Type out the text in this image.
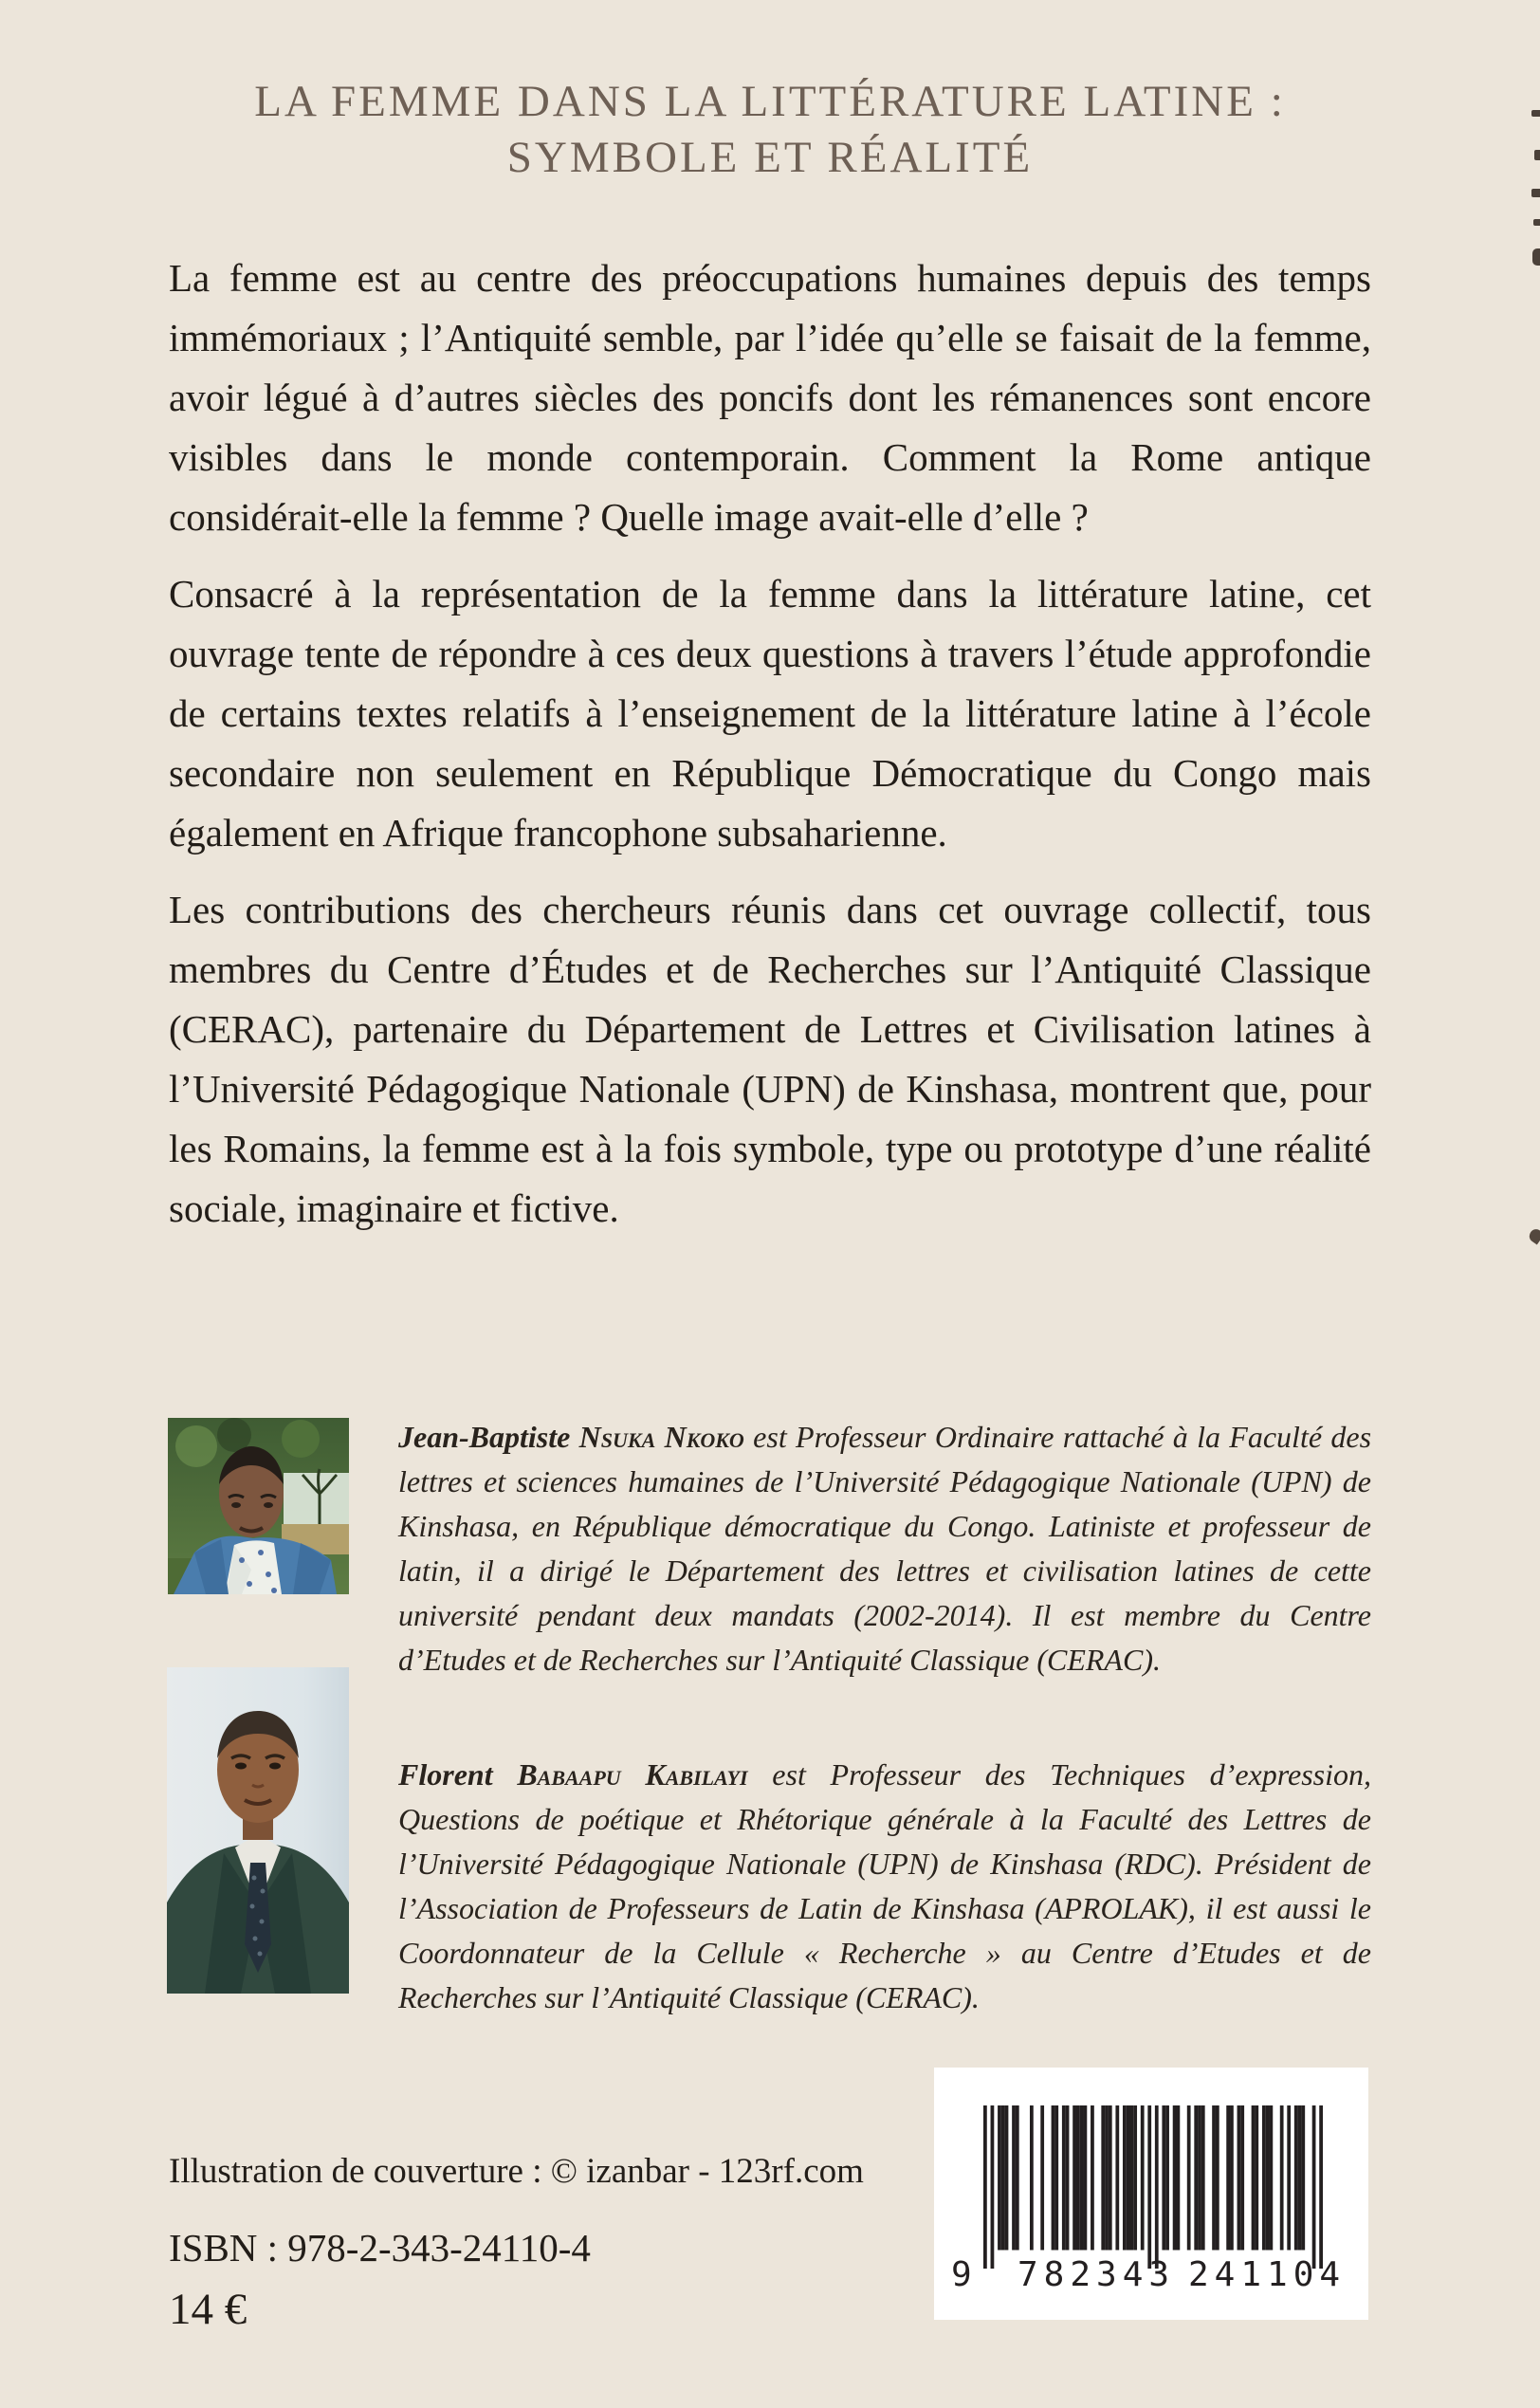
LA FEMME DANS LA LITTÉRATURE LATINE :
SYMBOLE ET RÉALITÉ

La femme est au centre des préoccupations humaines depuis des temps immémoriaux ; l’Antiquité semble, par l’idée qu’elle se faisait de la femme, avoir légué à d’autres siècles des poncifs dont les rémanences sont encore visibles dans le monde contemporain. Comment la Rome antique considérait-elle la femme ? Quelle image avait-elle d’elle ?

Consacré à la représentation de la femme dans la littérature latine, cet ouvrage tente de répondre à ces deux questions à travers l’étude approfondie de certains textes relatifs à l’enseignement de la littérature latine à l’école secondaire non seulement en République Démocratique du Congo mais également en Afrique francophone subsaharienne.

Les contributions des chercheurs réunis dans cet ouvrage collectif, tous membres du Centre d’Études et de Recherches sur l’Antiquité Classique (CERAC), partenaire du Département de Lettres et Civilisation latines à l’Université Pédagogique Nationale (UPN) de Kinshasa, montrent que, pour les Romains, la femme est à la fois symbole, type ou prototype d’une réalité sociale, imaginaire et fictive.

Jean-Baptiste Nsuka Nkoko est Professeur Ordinaire rattaché à la Faculté des lettres et sciences humaines de l’Université Pédagogique Nationale (UPN) de Kinshasa, en République démocratique du Congo. Latiniste et professeur de latin, il a dirigé le Département des lettres et civilisation latines de cette université pendant deux mandats (2002-2014). Il est membre du Centre d’Etudes et de Recherches sur l’Antiquité Classique (CERAC).

Florent Babaapu Kabilayi est Professeur des Techniques d’expression, Questions de poétique et Rhétorique générale à la Faculté des Lettres de l’Université Pédagogique Nationale (UPN) de Kinshasa (RDC). Président de l’Association de Professeurs de Latin de Kinshasa (APROLAK), il est aussi le Coordonnateur de la Cellule « Recherche » au Centre d’Etudes et de Recherches sur l’Antiquité Classique (CERAC).

Illustration de couverture : © izanbar - 123rf.com

ISBN : 978-2-343-24110-4

14 €

9 782343 241104
